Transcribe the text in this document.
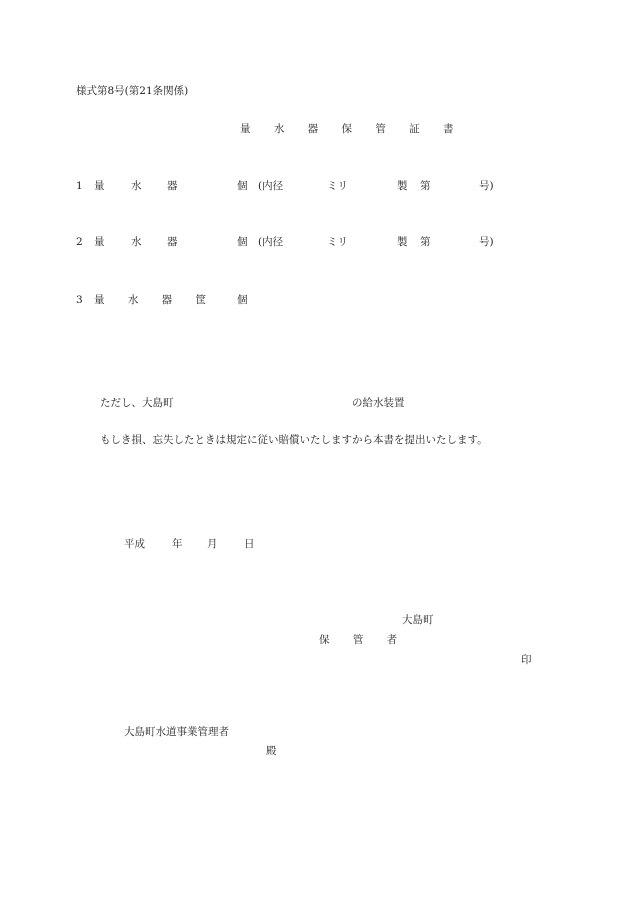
様式第8号(第21条関係)
量 水 器 保 管 証 書
1 量	水 器	個 (内径	ミリ	製 第	号)
2 量	水 器	個 (内径	ミリ	製 第	号)
3 量 水 器 筐 個
ただし、大島町	の給水装置
もしき損、忘失したときは規定に従い賠償いたしますから本書を提出いたします。
平成	年 月	日
大島町
保 管 者
印
大島町水道事業管理者
殿
